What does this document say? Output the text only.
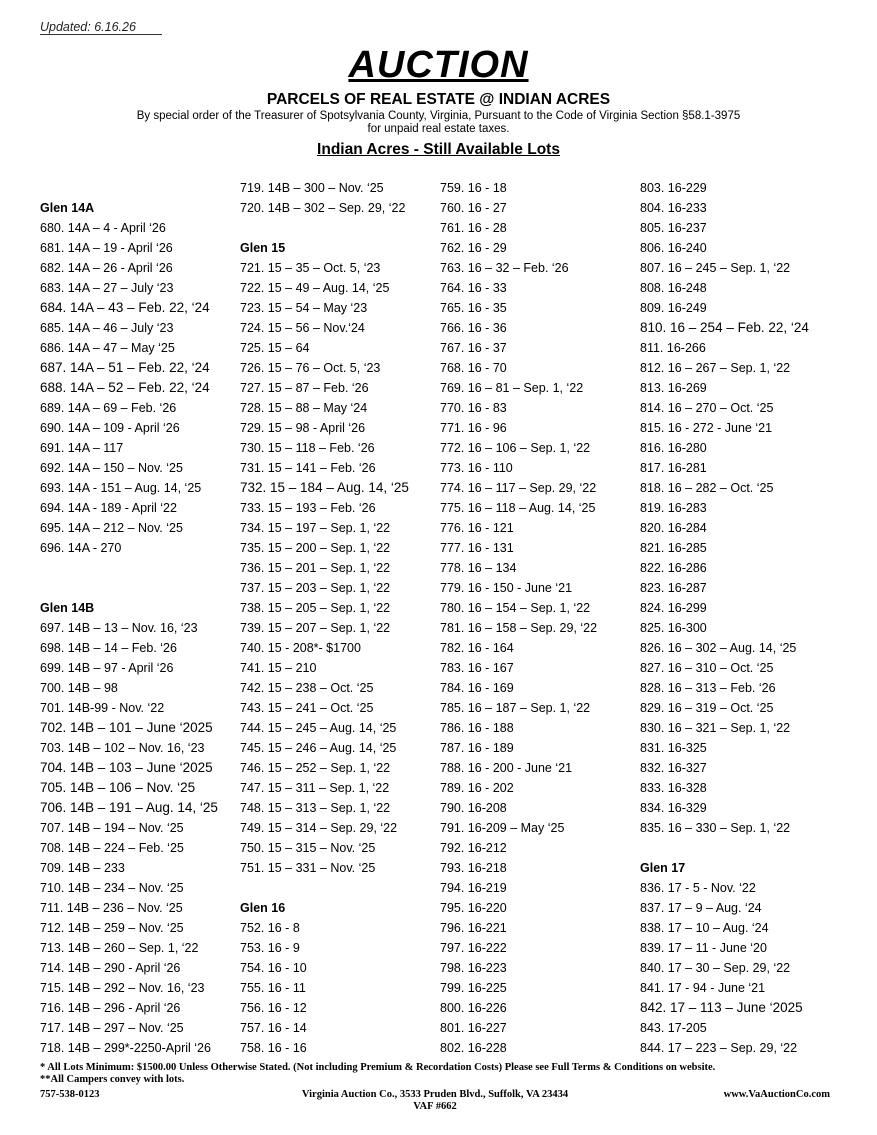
Updated: 6.16.26
AUCTION
PARCELS OF REAL ESTATE @ INDIAN ACRES
By special order of the Treasurer of Spotsylvania County, Virginia, Pursuant to the Code of Virginia Section §58.1-3975
for unpaid real estate taxes.
Indian Acres - Still Available Lots
Glen 14A
680. 14A – 4 - April ‘26
681. 14A – 19 - April ‘26
682. 14A – 26 - April ‘26
683. 14A – 27 – July ‘23
684. 14A – 43 – Feb. 22, ‘24
685. 14A – 46 – July ‘23
686. 14A – 47 – May ‘25
687. 14A – 51 – Feb. 22, ‘24
688. 14A – 52 – Feb. 22, ‘24
689. 14A – 69 – Feb. ‘26
690. 14A – 109 - April ‘26
691. 14A – 117
692. 14A – 150 – Nov. ‘25
693. 14A - 151 – Aug. 14, ‘25
694. 14A - 189 - April ‘22
695. 14A – 212 – Nov. ‘25
696. 14A - 270
Glen 14B
697. 14B – 13 – Nov. 16, ‘23
698. 14B – 14 – Feb. ‘26
699. 14B – 97 - April ‘26
700. 14B – 98
701. 14B-99 - Nov. ‘22
702. 14B – 101 – June ‘2025
703. 14B – 102 – Nov. 16, ‘23
704. 14B – 103 – June ‘2025
705. 14B – 106 – Nov. ‘25
706. 14B – 191 – Aug. 14, ‘25
707. 14B – 194 – Nov. ‘25
708. 14B – 224 – Feb. ‘25
709. 14B – 233
710. 14B – 234 – Nov. ‘25
711. 14B – 236 – Nov. ‘25
712. 14B – 259 – Nov. ‘25
713. 14B – 260 – Sep. 1, ‘22
714. 14B – 290 - April ‘26
715. 14B – 292 – Nov. 16, ‘23
716. 14B – 296 - April ‘26
717. 14B – 297 – Nov. ‘25
718. 14B – 299*-2250-April ‘26
719. 14B – 300 – Nov. ‘25
720. 14B – 302 – Sep. 29, ‘22
Glen 15
721. 15 – 35 – Oct. 5, ‘23
722. 15 – 49 – Aug. 14, ‘25
723. 15 – 54 – May ‘23
724. 15 – 56 – Nov.‘24
725. 15 – 64
726. 15 – 76 – Oct. 5, ‘23
727. 15 – 87 – Feb. ‘26
728. 15 – 88 – May ‘24
729. 15 – 98 - April ‘26
730. 15 – 118 – Feb. ‘26
731. 15 – 141 – Feb. ‘26
732. 15 – 184 – Aug. 14, ‘25
733. 15 – 193 – Feb. ‘26
734. 15 – 197 – Sep. 1, ‘22
735. 15 – 200 – Sep. 1, ‘22
736. 15 – 201 – Sep. 1, ‘22
737. 15 – 203 – Sep. 1, ‘22
738. 15 – 205 – Sep. 1, ‘22
739. 15 – 207 – Sep. 1, ‘22
740. 15 - 208*- $1700
741. 15 – 210
742. 15 – 238 – Oct. ‘25
743. 15 – 241 – Oct. ‘25
744. 15 – 245 – Aug. 14, ‘25
745. 15 – 246 – Aug. 14, ‘25
746. 15 – 252 – Sep. 1, ‘22
747. 15 – 311 – Sep. 1, ‘22
748. 15 – 313 – Sep. 1, ‘22
749. 15 – 314 – Sep. 29, ‘22
750. 15 – 315 – Nov. ‘25
751. 15 – 331 – Nov. ‘25
Glen 16
752. 16 - 8
753. 16 - 9
754. 16 - 10
755. 16 - 11
756. 16 - 12
757. 16 - 14
758. 16 - 16
759. 16 - 18
760. 16 - 27
761. 16 - 28
762. 16 - 29
763. 16 – 32 – Feb. ‘26
764. 16 - 33
765. 16 - 35
766. 16 - 36
767. 16 - 37
768. 16 - 70
769. 16 – 81 – Sep. 1, ‘22
770. 16 - 83
771. 16 - 96
772. 16 – 106 – Sep. 1, ‘22
773. 16 - 110
774. 16 – 117 – Sep. 29, ‘22
775. 16 – 118 – Aug. 14, ‘25
776. 16 - 121
777. 16 - 131
778. 16 – 134
779. 16 - 150 - June ‘21
780. 16 – 154 – Sep. 1, ‘22
781. 16 – 158 – Sep. 29, ‘22
782. 16 - 164
783. 16 - 167
784. 16 - 169
785. 16 – 187 – Sep. 1, ‘22
786. 16 - 188
787. 16 - 189
788. 16 - 200 - June ‘21
789. 16 - 202
790. 16-208
791. 16-209 – May ‘25
792. 16-212
793. 16-218
794. 16-219
795. 16-220
796. 16-221
797. 16-222
798. 16-223
799. 16-225
800. 16-226
801. 16-227
802. 16-228
803. 16-229
804. 16-233
805. 16-237
806. 16-240
807. 16 – 245 – Sep. 1, ‘22
808. 16-248
809. 16-249
810. 16 – 254 – Feb. 22, ‘24
811. 16-266
812. 16 – 267 – Sep. 1, ‘22
813. 16-269
814. 16 – 270 – Oct. ‘25
815. 16 - 272 - June ‘21
816. 16-280
817. 16-281
818. 16 – 282 – Oct. ‘25
819. 16-283
820. 16-284
821. 16-285
822. 16-286
823. 16-287
824. 16-299
825. 16-300
826. 16 – 302 – Aug. 14, ‘25
827. 16 – 310 – Oct. ‘25
828. 16 – 313 – Feb. ‘26
829. 16 – 319 – Oct. ‘25
830. 16 – 321 – Sep. 1, ‘22
831. 16-325
832. 16-327
833. 16-328
834. 16-329
835. 16 – 330 – Sep. 1, ‘22
Glen 17
836. 17 - 5 - Nov. ‘22
837. 17 – 9 – Aug. ‘24
838. 17 – 10 – Aug. ‘24
839. 17 – 11 - June ‘20
840. 17 – 30 – Sep. 29, ‘22
841. 17 - 94 - June ‘21
842. 17 – 113 – June ‘2025
843. 17-205
844. 17 – 223 – Sep. 29, ‘22
* All Lots Minimum: $1500.00 Unless Otherwise Stated. (Not including Premium & Recordation Costs) Please see Full Terms & Conditions on website.
**All Campers convey with lots.
757-538-0123	Virginia Auction Co., 3533 Pruden Blvd., Suffolk, VA 23434	www.VaAuctionCo.com
VAF #662
